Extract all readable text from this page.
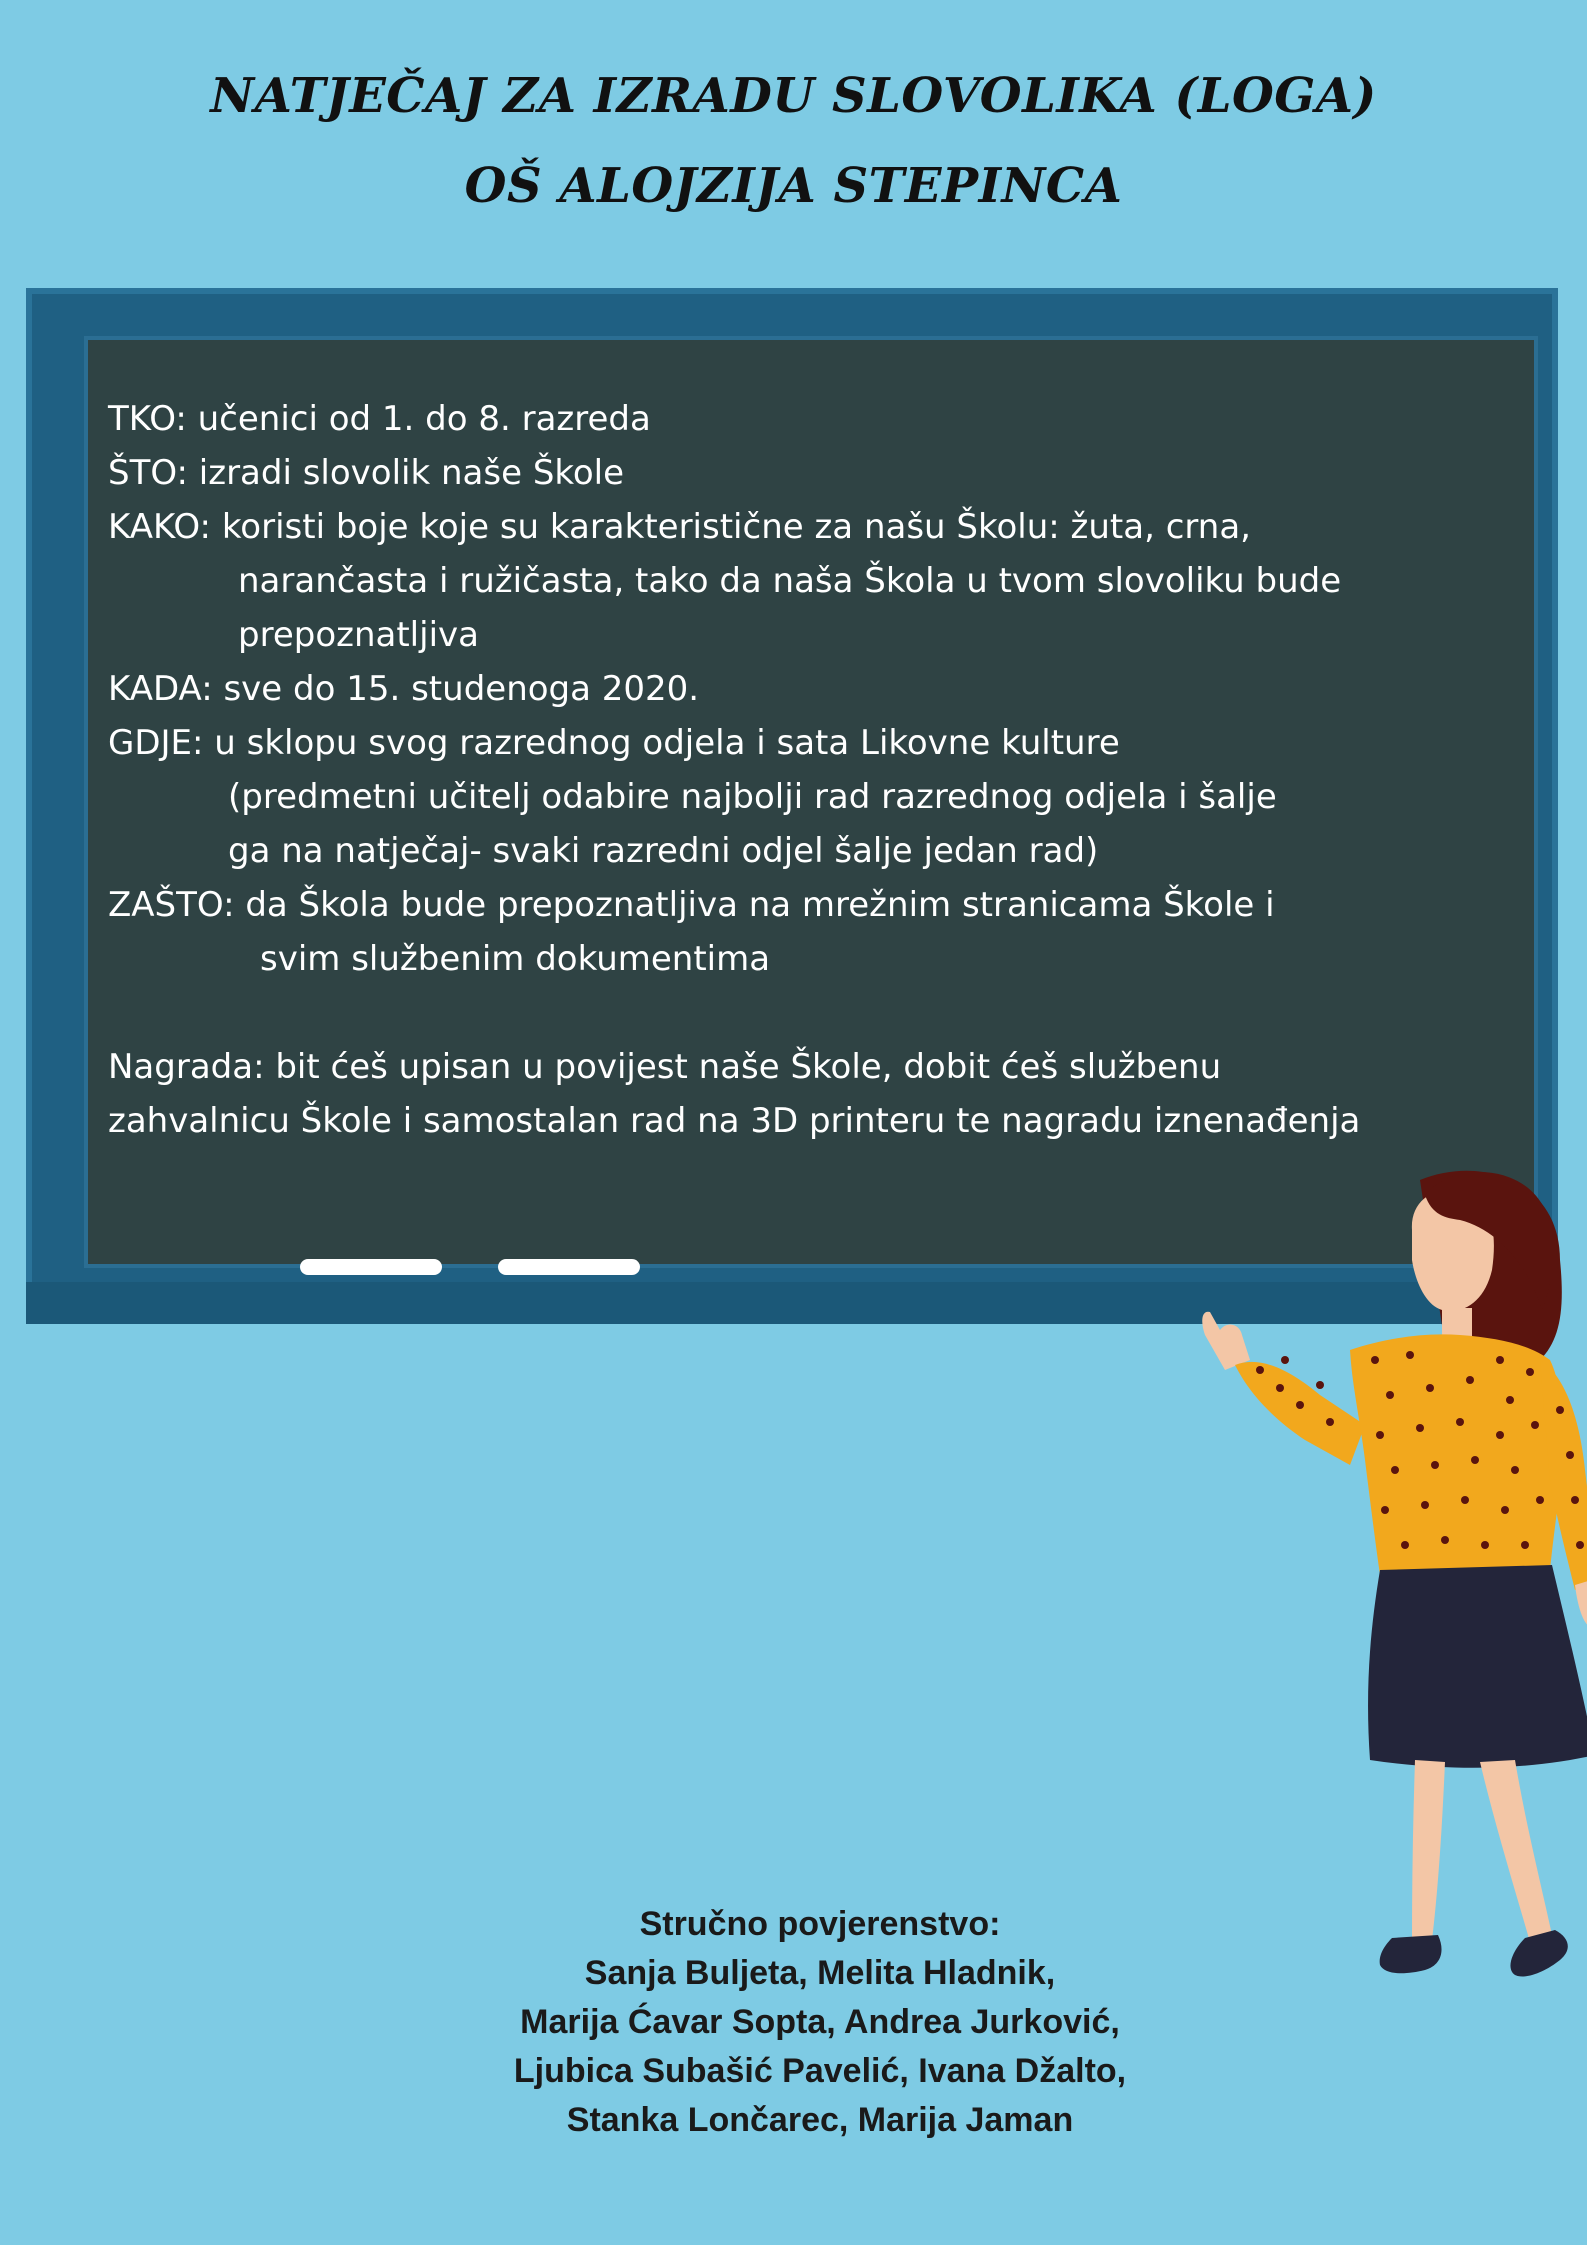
NATJEČAJ ZA IZRADU SLOVOLIKA (LOGA)
OŠ ALOJZIJA STEPINCA
TKO: učenici od 1. do 8. razreda
ŠTO: izradi slovolik naše Škole
KAKO: koristi boje koje su karakteristične za našu Školu: žuta, crna,
narančasta i ružičasta, tako da naša Škola u tvom slovoliku bude
prepoznatljiva
KADA: sve do 15. studenoga 2020.
GDJE: u sklopu svog razrednog odjela i sata Likovne kulture
(predmetni učitelj odabire najbolji rad razrednog odjela i šalje
ga na natječaj- svaki razredni odjel šalje jedan rad)
ZAŠTO: da Škola bude prepoznatljiva na mrežnim stranicama Škole i
svim službenim dokumentima
Nagrada: bit ćeš upisan u povijest naše Škole, dobit ćeš službenu
zahvalnicu Škole i samostalan rad na 3D printeru te nagradu iznenađenja
Stručno povjerenstvo:
Sanja Buljeta, Melita Hladnik,
Marija Ćavar Sopta, Andrea Jurković,
Ljubica Subašić Pavelić, Ivana Džalto,
Stanka Lončarec, Marija Jaman
